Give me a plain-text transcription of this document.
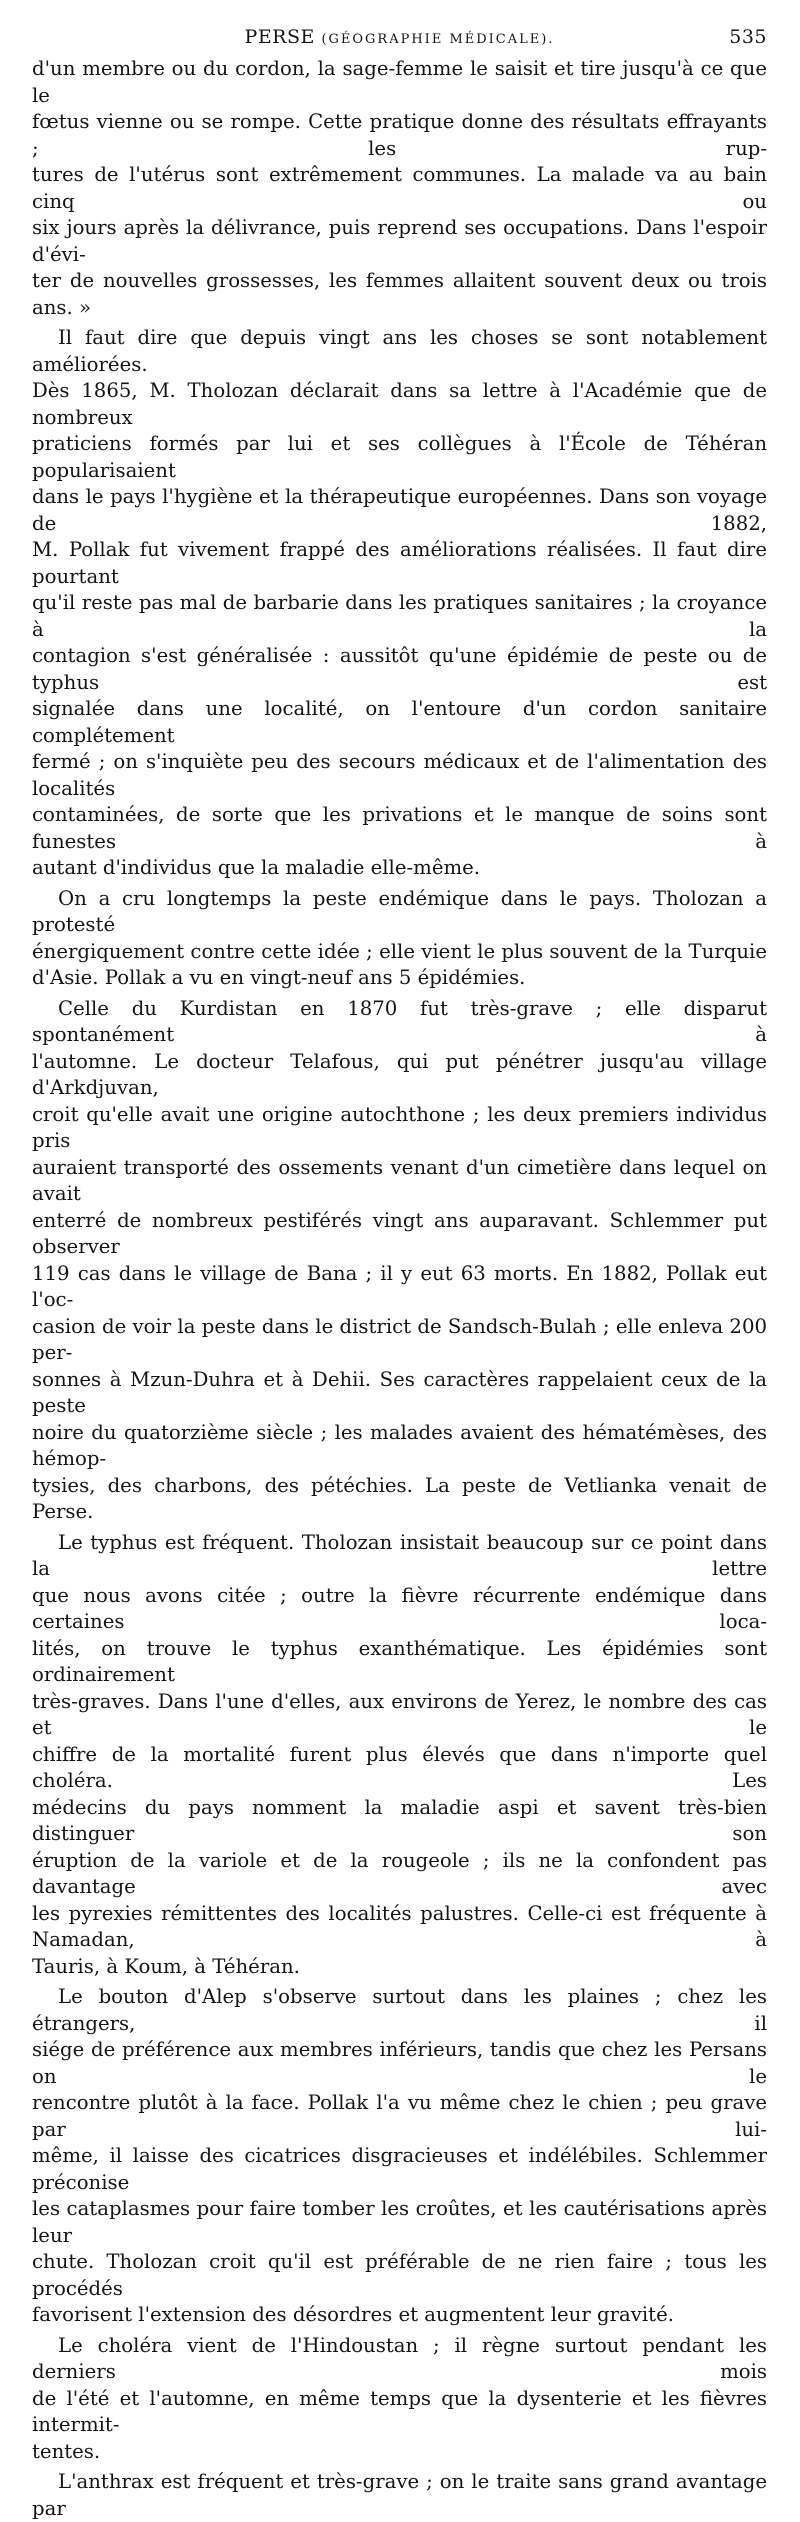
PERSE (GÉOGRAPHIE MÉDICALE).	535

d'un membre ou du cordon, la sage-femme le saisit et tire jusqu'à ce que le
fœtus vienne ou se rompe. Cette pratique donne des résultats effrayants ; les rup-
tures de l'utérus sont extrêmement communes. La malade va au bain cinq ou
six jours après la délivrance, puis reprend ses occupations. Dans l'espoir d'évi-
ter de nouvelles grossesses, les femmes allaitent souvent deux ou trois ans. »

Il faut dire que depuis vingt ans les choses se sont notablement améliorées.
Dès 1865, M. Tholozan déclarait dans sa lettre à l'Académie que de nombreux
praticiens formés par lui et ses collègues à l'École de Téhéran popularisaient
dans le pays l'hygiène et la thérapeutique européennes. Dans son voyage de 1882,
M. Pollak fut vivement frappé des améliorations réalisées. Il faut dire pourtant
qu'il reste pas mal de barbarie dans les pratiques sanitaires ; la croyance à la
contagion s'est généralisée : aussitôt qu'une épidémie de peste ou de typhus est
signalée dans une localité, on l'entoure d'un cordon sanitaire complétement
fermé ; on s'inquiète peu des secours médicaux et de l'alimentation des localités
contaminées, de sorte que les privations et le manque de soins sont funestes à
autant d'individus que la maladie elle-même.

On a cru longtemps la peste endémique dans le pays. Tholozan a protesté
énergiquement contre cette idée ; elle vient le plus souvent de la Turquie
d'Asie. Pollak a vu en vingt-neuf ans 5 épidémies.

Celle du Kurdistan en 1870 fut très-grave ; elle disparut spontanément à
l'automne. Le docteur Telafous, qui put pénétrer jusqu'au village d'Arkdjuvan,
croit qu'elle avait une origine autochthone ; les deux premiers individus pris
auraient transporté des ossements venant d'un cimetière dans lequel on avait
enterré de nombreux pestiférés vingt ans auparavant. Schlemmer put observer
119 cas dans le village de Bana ; il y eut 63 morts. En 1882, Pollak eut l'oc-
casion de voir la peste dans le district de Sandsch-Bulah ; elle enleva 200 per-
sonnes à Mzun-Duhra et à Dehii. Ses caractères rappelaient ceux de la peste
noire du quatorzième siècle ; les malades avaient des hématémèses, des hémop-
tysies, des charbons, des pétéchies. La peste de Vetlianka venait de Perse.

Le typhus est fréquent. Tholozan insistait beaucoup sur ce point dans la lettre
que nous avons citée ; outre la fièvre récurrente endémique dans certaines loca-
lités, on trouve le typhus exanthématique. Les épidémies sont ordinairement
très-graves. Dans l'une d'elles, aux environs de Yerez, le nombre des cas et le
chiffre de la mortalité furent plus élevés que dans n'importe quel choléra. Les
médecins du pays nomment la maladie aspi et savent très-bien distinguer son
éruption de la variole et de la rougeole ; ils ne la confondent pas davantage avec
les pyrexies rémittentes des localités palustres. Celle-ci est fréquente à Namadan, à
Tauris, à Koum, à Téhéran.

Le bouton d'Alep s'observe surtout dans les plaines ; chez les étrangers, il
siége de préférence aux membres inférieurs, tandis que chez les Persans on le
rencontre plutôt à la face. Pollak l'a vu même chez le chien ; peu grave par lui-
même, il laisse des cicatrices disgracieuses et indélébiles. Schlemmer préconise
les cataplasmes pour faire tomber les croûtes, et les cautérisations après leur
chute. Tholozan croit qu'il est préférable de ne rien faire ; tous les procédés
favorisent l'extension des désordres et augmentent leur gravité.

Le choléra vient de l'Hindoustan ; il règne surtout pendant les derniers mois
de l'été et l'automne, en même temps que la dysenterie et les fièvres intermit-
tentes.

L'anthrax est fréquent et très-grave ; on le traite sans grand avantage par
